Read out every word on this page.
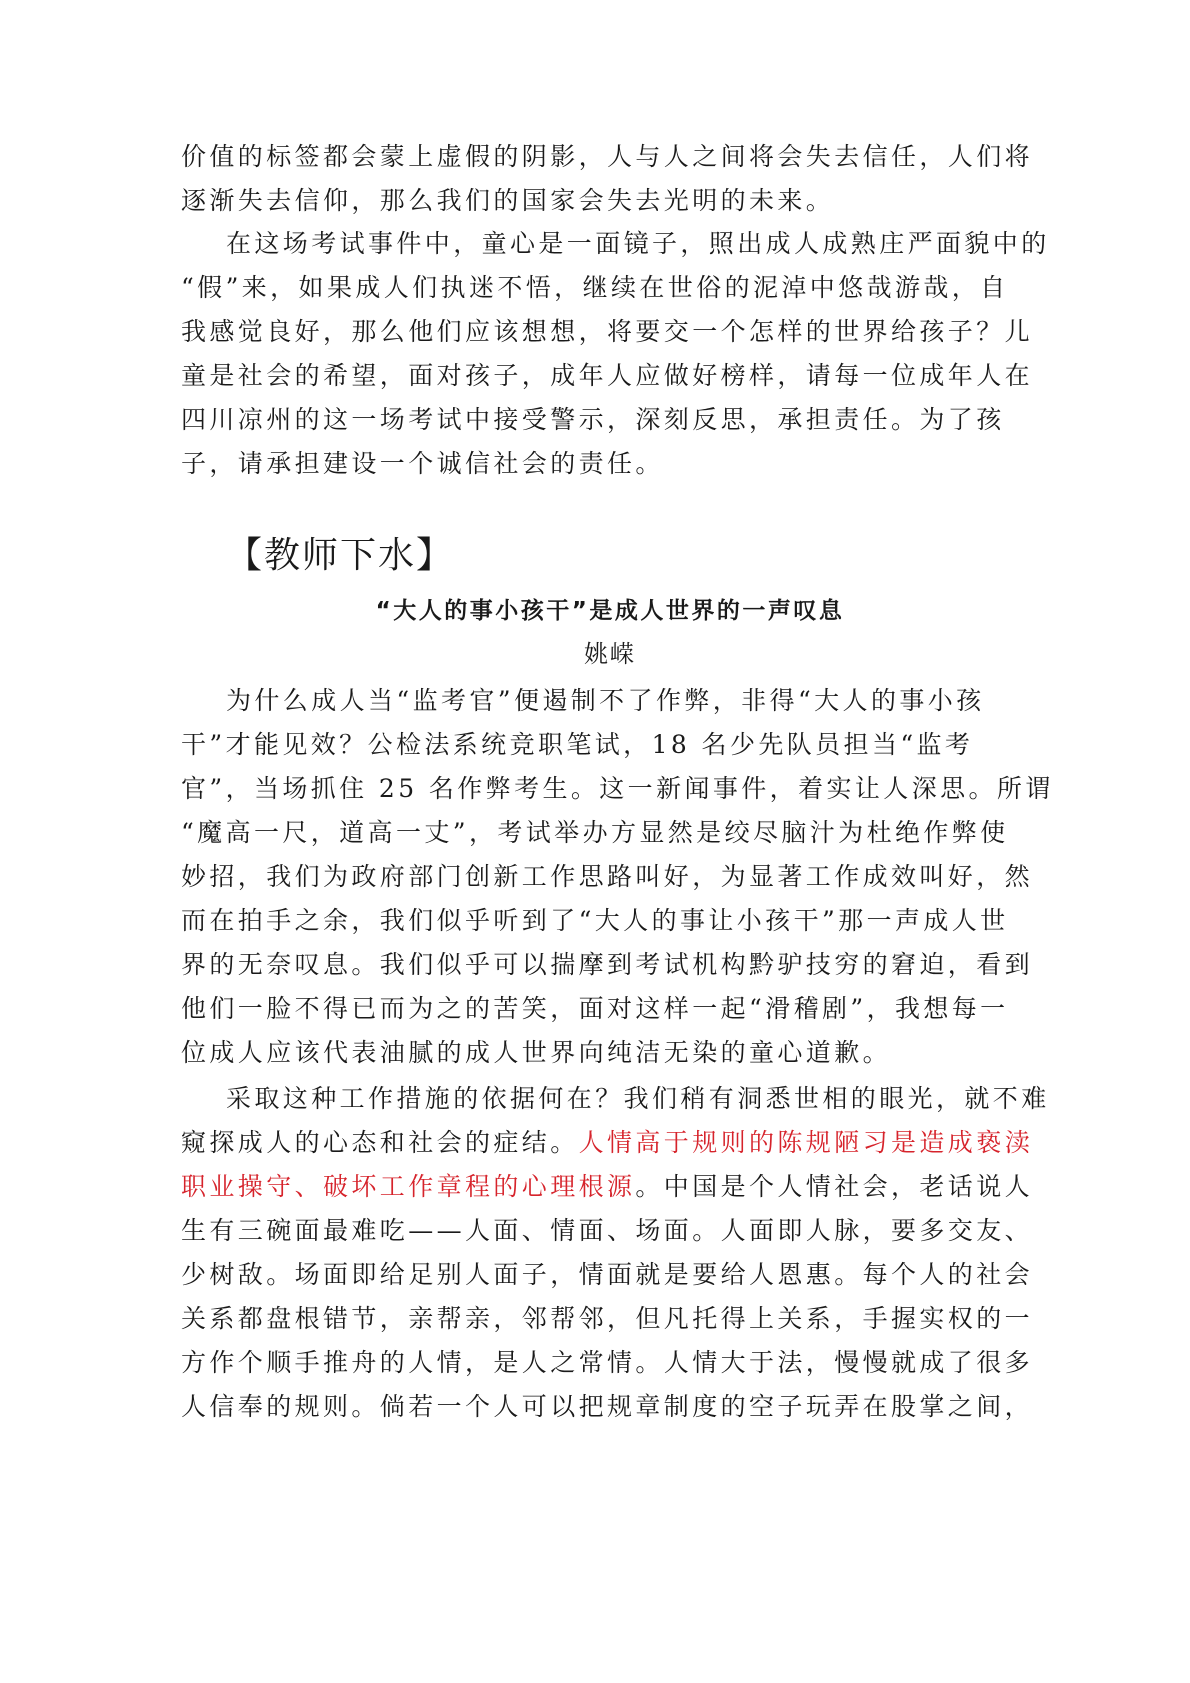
价值的标签都会蒙上虚假的阴影，人与人之间将会失去信任，人们将

逐渐失去信仰，那么我们的国家会失去光明的未来。

在这场考试事件中，童心是一面镜子，照出成人成熟庄严面貌中的

“假”来，如果成人们执迷不悟，继续在世俗的泥淖中悠哉游哉，自

我感觉良好，那么他们应该想想，将要交一个怎样的世界给孩子？儿

童是社会的希望，面对孩子，成年人应做好榜样，请每一位成年人在

四川凉州的这一场考试中接受警示，深刻反思，承担责任。为了孩

子，请承担建设一个诚信社会的责任。

【教师下水】
“大人的事小孩干”是成人世界的一声叹息
姚嵘

为什么成人当“监考官”便遏制不了作弊，非得“大人的事小孩

干”才能见效？公检法系统竞职笔试，18 名少先队员担当“监考

官”，当场抓住 25 名作弊考生。这一新闻事件，着实让人深思。所谓

“魔高一尺，道高一丈”，考试举办方显然是绞尽脑汁为杜绝作弊使

妙招，我们为政府部门创新工作思路叫好，为显著工作成效叫好，然

而在拍手之余，我们似乎听到了“大人的事让小孩干”那一声成人世

界的无奈叹息。我们似乎可以揣摩到考试机构黔驴技穷的窘迫，看到

他们一脸不得已而为之的苦笑，面对这样一起“滑稽剧”，我想每一

位成人应该代表油腻的成人世界向纯洁无染的童心道歉。

采取这种工作措施的依据何在？我们稍有洞悉世相的眼光，就不难

窥探成人的心态和社会的症结。人情高于规则的陈规陋习是造成亵渎

职业操守、破坏工作章程的心理根源。中国是个人情社会，老话说人

生有三碗面最难吃——人面、情面、场面。人面即人脉，要多交友、

少树敌。场面即给足别人面子，情面就是要给人恩惠。每个人的社会

关系都盘根错节，亲帮亲，邻帮邻，但凡托得上关系，手握实权的一

方作个顺手推舟的人情，是人之常情。人情大于法，慢慢就成了很多

人信奉的规则。倘若一个人可以把规章制度的空子玩弄在股掌之间，
